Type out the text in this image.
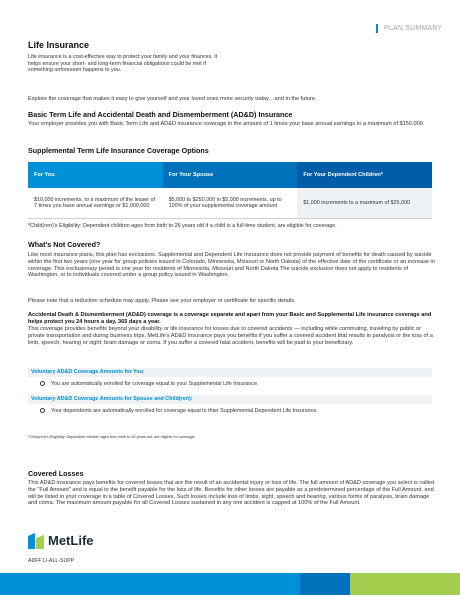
PLAN SUMMARY
Life Insurance
Life insurance is a cost-effective way to protect your family and your finances. It helps ensure your short- and long-term financial obligations could be met if something unforeseen happens to you.
Explore the coverage that makes it easy to give yourself and your loved ones more security today…and in the future.
Basic Term Life and Accidental Death and Dismemberment (AD&D) Insurance
Your employer provides you with Basic Term Life and AD&D insurance coverage in the amount of 1 times your base annual earnings to a maximum of $150,000.
Supplemental Term Life Insurance Coverage Options
For You	For Your Spouse	For Your Dependent Children*
$10,000 increments, to a maximum of the lesser of 7 times you base annual earnings or $1,000,000	$5,000 to $250,000 in $5,000 increments, up to 100% of your supplemental coverage amount	$1,000 increments to a maximum of $25,000
*Child(ren)'s Eligibility: Dependent children ages from birth to 26 years old if a child is a full-time student, are eligible for coverage.
What's Not Covered?
Like most insurance plans, this plan has exclusions. Supplemental and Dependent Life Insurance does not provide payment of benefits for death caused by suicide within the first two years (one year for group policies issued in Colorado, Minnesota, Missouri or North Dakota) of the effective date of the certificate or an increase in coverage. This exclusionary period is one year for residents of Minnesota, Missouri and North Dakota The suicide exclusion does not apply to residents of Washington, or to individuals covered under a group policy issued in Washington.
Please note that a reduction schedule may apply. Please see your employer or certificate for specific details.
Accidental Death & Dismemberment (AD&D) coverage is a coverage separate and apart from your Basic and Supplemental Life insurance coverage and helps protect you 24 hours a day, 365 days a year.
This coverage provides benefits beyond your disability or life insurance for losses due to covered accidents — including while commuting, traveling by public or private transportation and during business trips. MetLife's AD&D insurance pays you benefits if you suffer a covered accident that results in paralysis or the loss of a limb, speech, hearing or sight; brain damage or coma. If you suffer a covered fatal accident, benefits will be paid to your beneficiary.
Voluntary AD&D Coverage Amounts for You:
You are automatically enrolled for coverage equal to your Supplemental Life Insurance.
Voluntary AD&D Coverage Amounts for Spouse and Child(ren):
Your dependents are automatically enrolled for coverage equal to thier Supplemental Dependent Life Insurance.
*Child(ren)'s Eligibility: Dependent children ages from birth to 26 years old, are eligible for coverage.
Covered Losses
This AD&D insurance pays benefits for covered losses that are the result of an accidental injury or loss of life. The full amount of AD&D coverage you select is called the "Full Amount" and is equal to the benefit payable for the loss of life. Benefits for other losses are payable as a predetermined percentage of the Full Amount, and will be listed in your coverage in a table of Covered Losses. Such losses include loss of limbs, sight, speech and hearing, various forms of paralysis, brain damage and coma. The maximum amount payable for all Covered Losses sustained in any one accident is capped at 100% of the Full Amount.
MetLife
ADFF LI-ALL-SUPP
